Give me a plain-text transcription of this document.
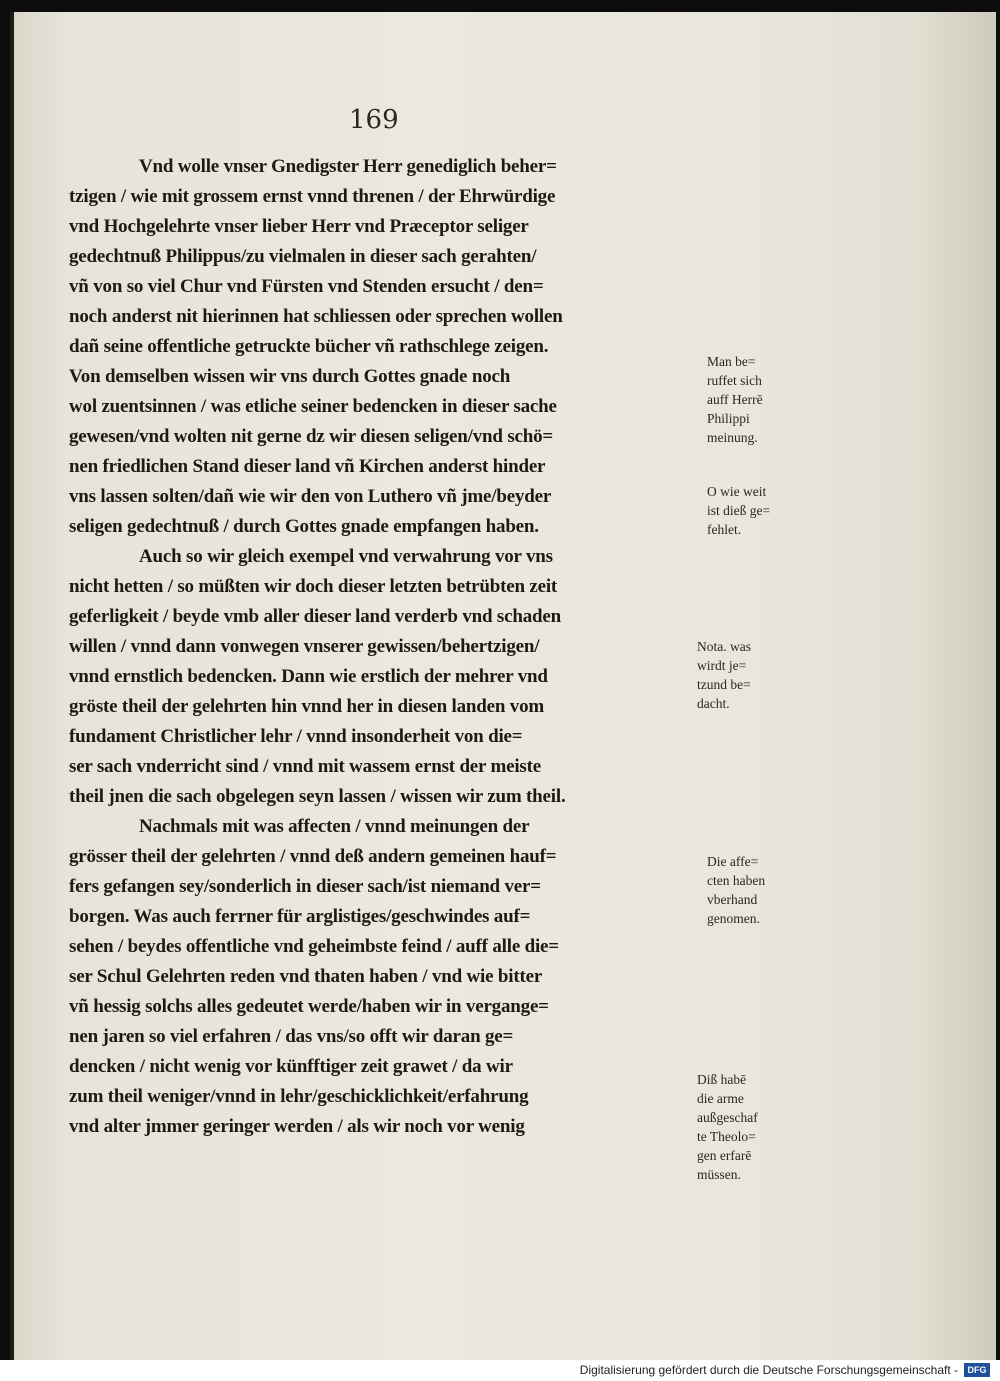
169
Vnd wolle vnser Gnedigster Herr genediglich beher=
tzigen / wie mit grossem ernst vnnd threnen / der Ehrwürdige
vnd Hochgelehrte vnser lieber Herr vnd Præceptor seliger
gedechtnuß Philippus/zu vielmalen in dieser sach gerahten/
vñ von so viel Chur vnd Fürsten vnd Stenden ersucht / den=
noch anderst nit hierinnen hat schliessen oder sprechen wollen
dañ seine offentliche getruckte bücher vñ rathschlege zeigen.
Von demselben wissen wir vns durch Gottes gnade noch
wol zuentsinnen / was etliche seiner bedencken in dieser sache
gewesen/vnd wolten nit gerne dz wir diesen seligen/vnd schö=
nen friedlichen Stand dieser land vñ Kirchen anderst hinder
vns lassen solten/dañ wie wir den von Luthero vñ jme/beyder
seligen gedechtnuß / durch Gottes gnade empfangen haben.
Auch so wir gleich exempel vnd verwahrung vor vns
nicht hetten / so müßten wir doch dieser letzten betrübten zeit
geferligkeit / beyde vmb aller dieser land verderb vnd schaden
willen / vnnd dann vonwegen vnserer gewissen/behertzigen/
vnnd ernstlich bedencken. Dann wie erstlich der mehrer vnd
gröste theil der gelehrten hin vnnd her in diesen landen vom
fundament Christlicher lehr / vnnd insonderheit von die=
ser sach vnderricht sind / vnnd mit wassem ernst der meiste
theil jnen die sach obgelegen seyn lassen / wissen wir zum theil.
Nachmals mit was affecten / vnnd meinungen der
grösser theil der gelehrten / vnnd deß andern gemeinen hauf=
fers gefangen sey/sonderlich in dieser sach/ist niemand ver=
borgen. Was auch ferrner für arglistiges/geschwindes auf=
sehen / beydes offentliche vnd geheimbste feind / auff alle die=
ser Schul Gelehrten reden vnd thaten haben / vnd wie bitter
vñ hessig solchs alles gedeutet werde/haben wir in vergange=
nen jaren so viel erfahren / das vns/so offt wir daran ge=
dencken / nicht wenig vor künfftiger zeit grawet / da wir
zum theil weniger/vnnd in lehr/geschicklichkeit/erfahrung
vnd alter jmmer geringer werden / als wir noch vor wenig
Man be=
ruffet sich
auff Herrē
Philippi
meinung.
O wie weit
ist dieß ge=
fehlet.
Nota. was
wirdt je=
tzund be=
dacht.
Die affe=
cten haben
vberhand
genomen.
Diß habē
die arme
außgeschaf
te Theolo=
gen erfarē
müssen.
Digitalisierung gefördert durch die Deutsche Forschungsgemeinschaft -	DFG
